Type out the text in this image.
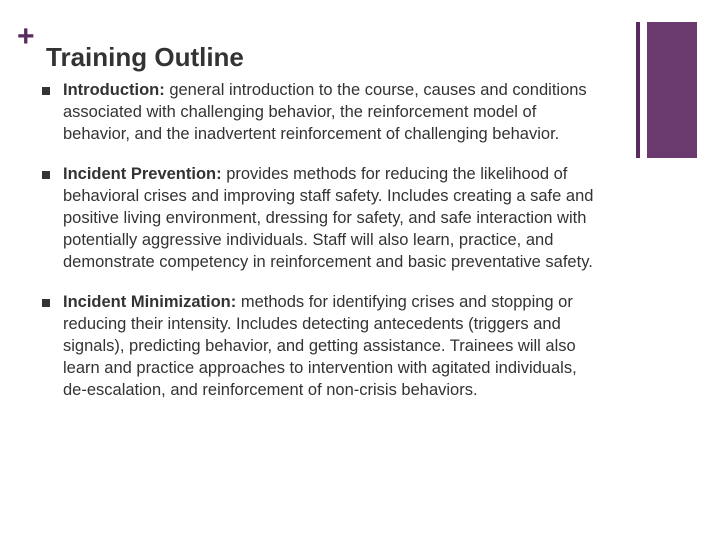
+
Training Outline
Introduction: general introduction to the course, causes and conditions associated with challenging behavior, the reinforcement model of behavior, and the inadvertent reinforcement of challenging behavior.
Incident Prevention: provides methods for reducing the likelihood of behavioral crises and improving staff safety. Includes creating a safe and positive living environment, dressing for safety, and safe interaction with potentially aggressive individuals. Staff will also learn, practice, and demonstrate competency in reinforcement and basic preventative safety.
Incident Minimization: methods for identifying crises and stopping or reducing their intensity. Includes detecting antecedents (triggers and signals), predicting behavior, and getting assistance. Trainees will also learn and practice approaches to intervention with agitated individuals, de-escalation, and reinforcement of non-crisis behaviors.
